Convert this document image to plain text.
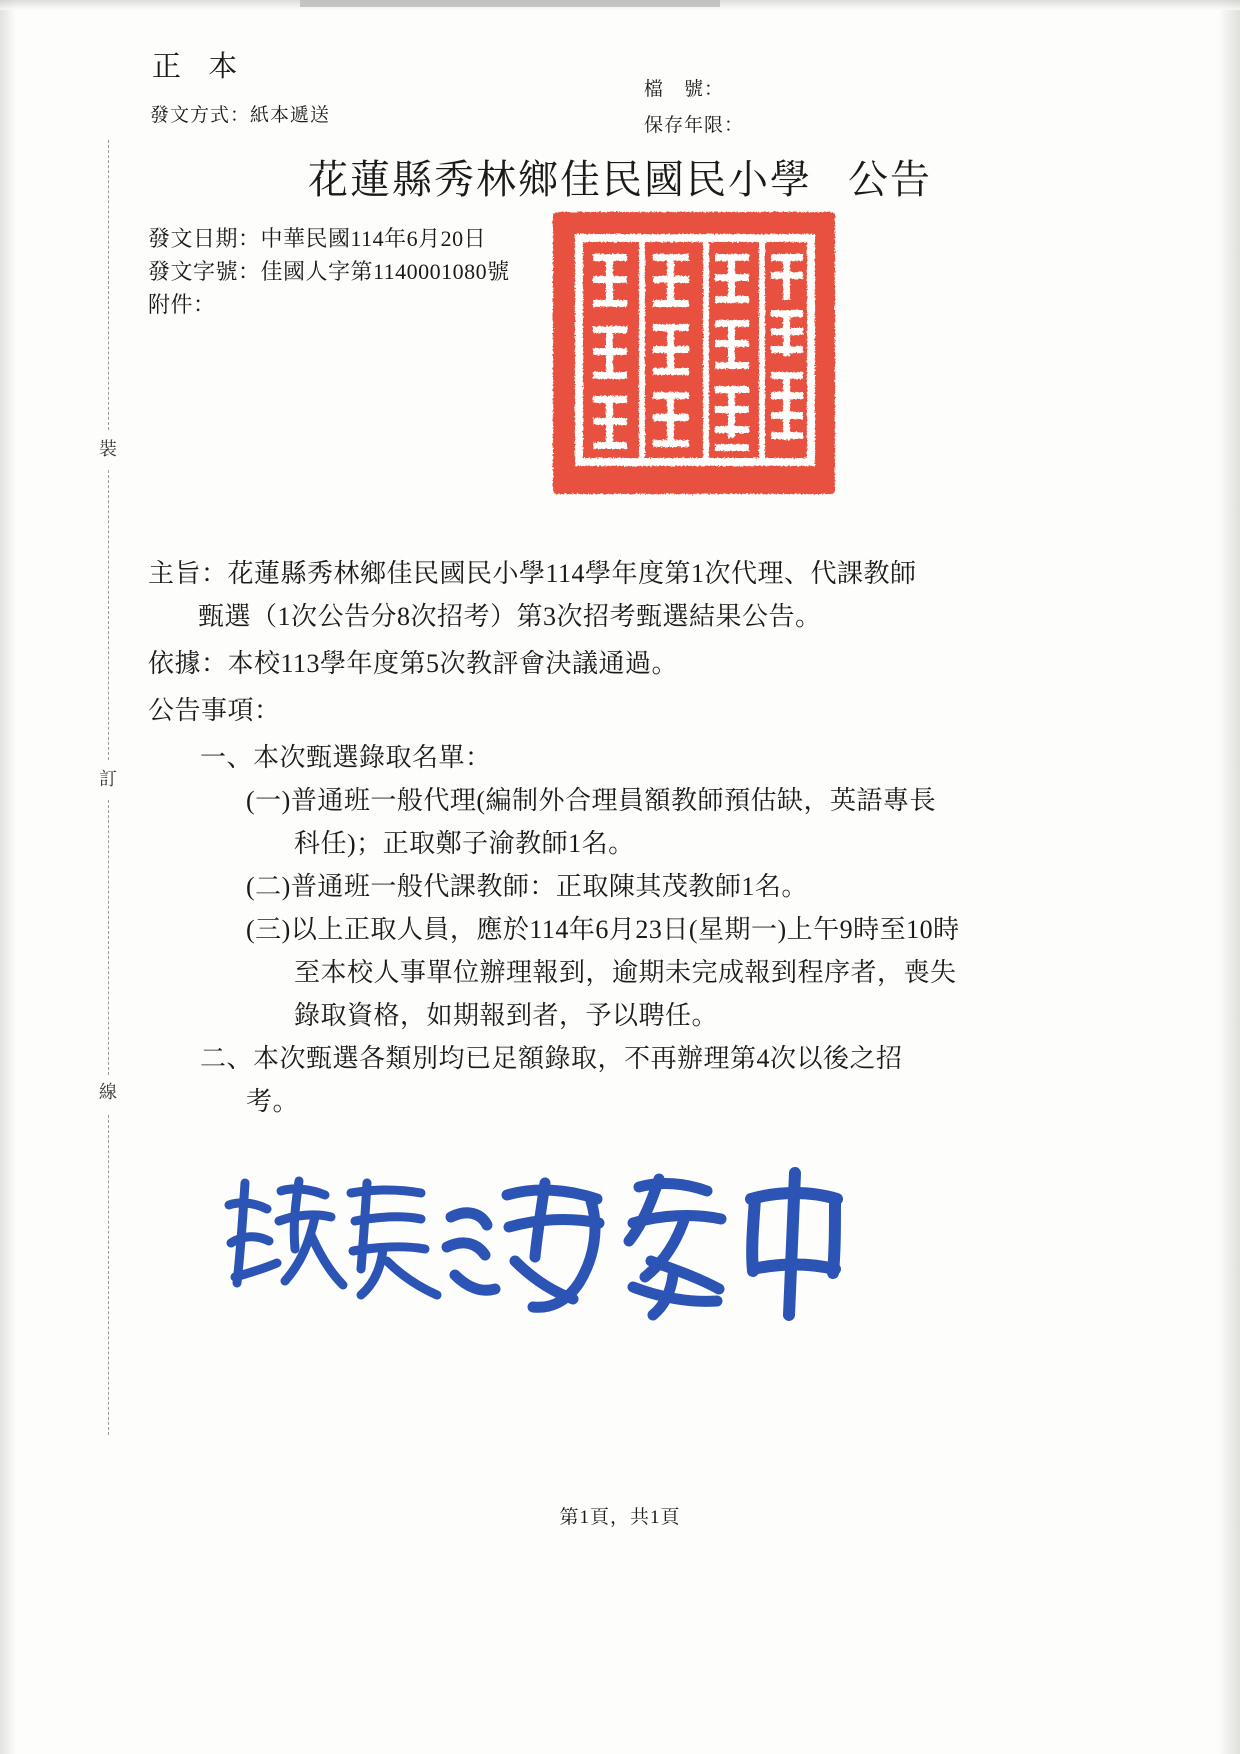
正 本
發文方式：紙本遞送
檔　號：
保存年限：
花蓮縣秀林鄉佳民國民小學 公告
發文日期：中華民國114年6月20日
發文字號：佳國人字第1140001080號
附件：
裝
訂
線
主旨：花蓮縣秀林鄉佳民國民小學114學年度第1次代理、代課教師
甄選（1次公告分8次招考）第3次招考甄選結果公告。
依據：本校113學年度第5次教評會決議通過。
公告事項：
一、本次甄選錄取名單：
(一)普通班一般代理(編制外合理員額教師預估缺，英語專長
科任)；正取鄭子渝教師1名。
(二)普通班一般代課教師：正取陳其茂教師1名。
(三)以上正取人員，應於114年6月23日(星期一)上午9時至10時
至本校人事單位辦理報到，逾期未完成報到程序者，喪失
錄取資格，如期報到者，予以聘任。
二、本次甄選各類別均已足額錄取，不再辦理第4次以後之招
考。
第1頁，共1頁
